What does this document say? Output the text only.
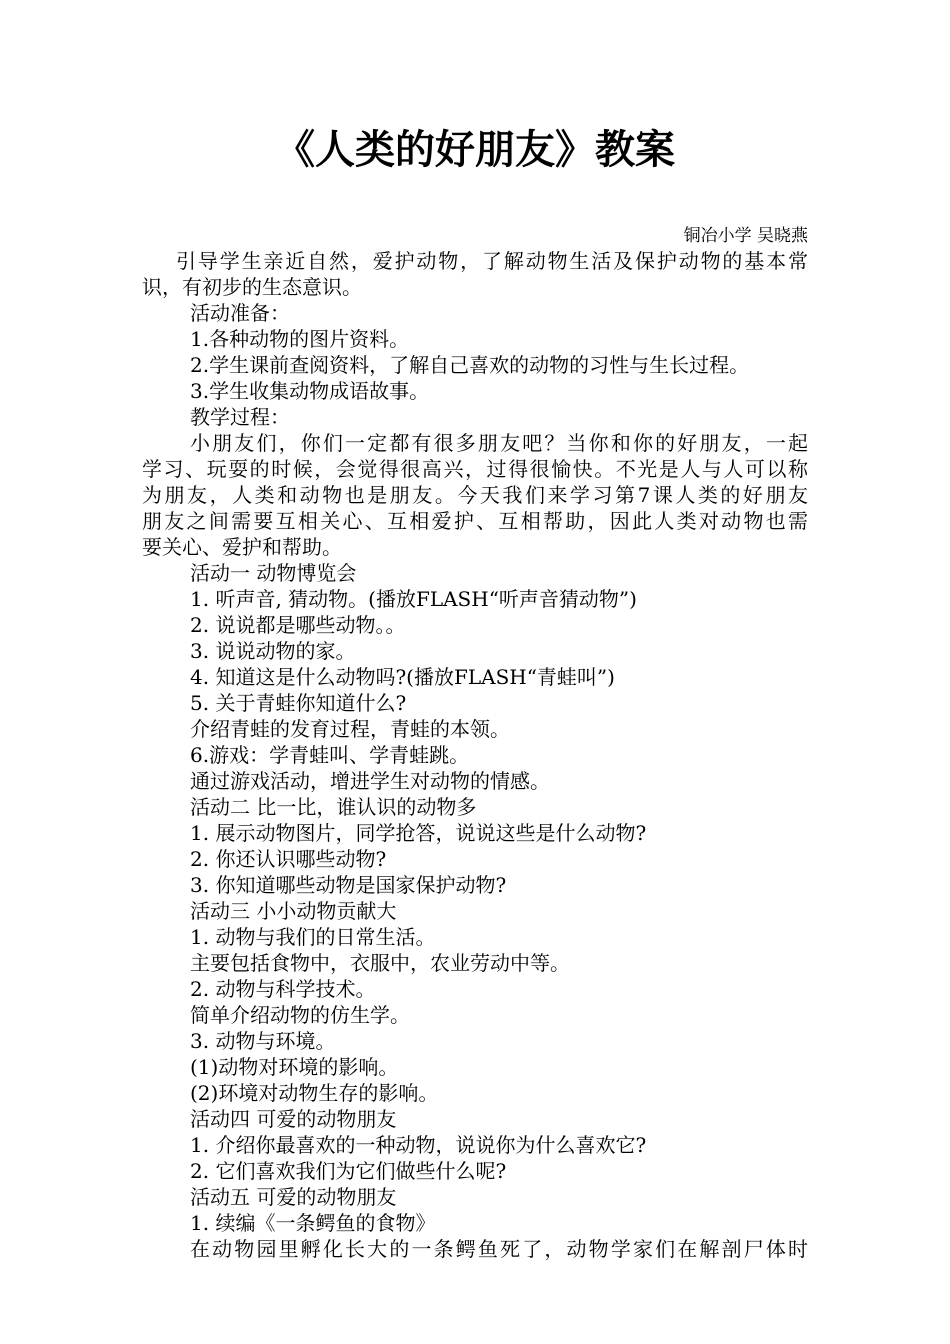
《人类的好朋友》教案
铜冶小学 吴晓燕
引导学生亲近自然，爱护动物，了解动物生活及保护动物的基本常
识，有初步的生态意识。
活动准备：
1.各种动物的图片资料。
2.学生课前查阅资料，了解自己喜欢的动物的习性与生长过程。
3.学生收集动物成语故事。
教学过程：
小朋友们，你们一定都有很多朋友吧？当你和你的好朋友，一起
学习、玩耍的时候，会觉得很高兴，过得很愉快。不光是人与人可以称
为朋友，人类和动物也是朋友。今天我们来学习第7课人类的好朋友
朋友之间需要互相关心、互相爱护、互相帮助，因此人类对动物也需
要关心、爱护和帮助。
活动一 动物博览会
1. 听声音, 猜动物。(播放FLASH“听声音猜动物”)
2. 说说都是哪些动物。。
3. 说说动物的家。
4. 知道这是什么动物吗?(播放FLASH“青蛙叫”)
5. 关于青蛙你知道什么?
介绍青蛙的发育过程，青蛙的本领。
6.游戏：学青蛙叫、学青蛙跳。
通过游戏活动，增进学生对动物的情感。
活动二 比一比，谁认识的动物多
1. 展示动物图片，同学抢答，说说这些是什么动物?
2. 你还认识哪些动物?
3. 你知道哪些动物是国家保护动物?
活动三 小小动物贡献大
1. 动物与我们的日常生活。
主要包括食物中，衣服中，农业劳动中等。
2. 动物与科学技术。
简单介绍动物的仿生学。
3. 动物与环境。
(1)动物对环境的影响。
(2)环境对动物生存的影响。
活动四 可爱的动物朋友
1. 介绍你最喜欢的一种动物，说说你为什么喜欢它?
2. 它们喜欢我们为它们做些什么呢?
活动五 可爱的动物朋友
1. 续编《一条鳄鱼的食物》
在动物园里孵化长大的一条鳄鱼死了，动物学家们在解剖尸体时
